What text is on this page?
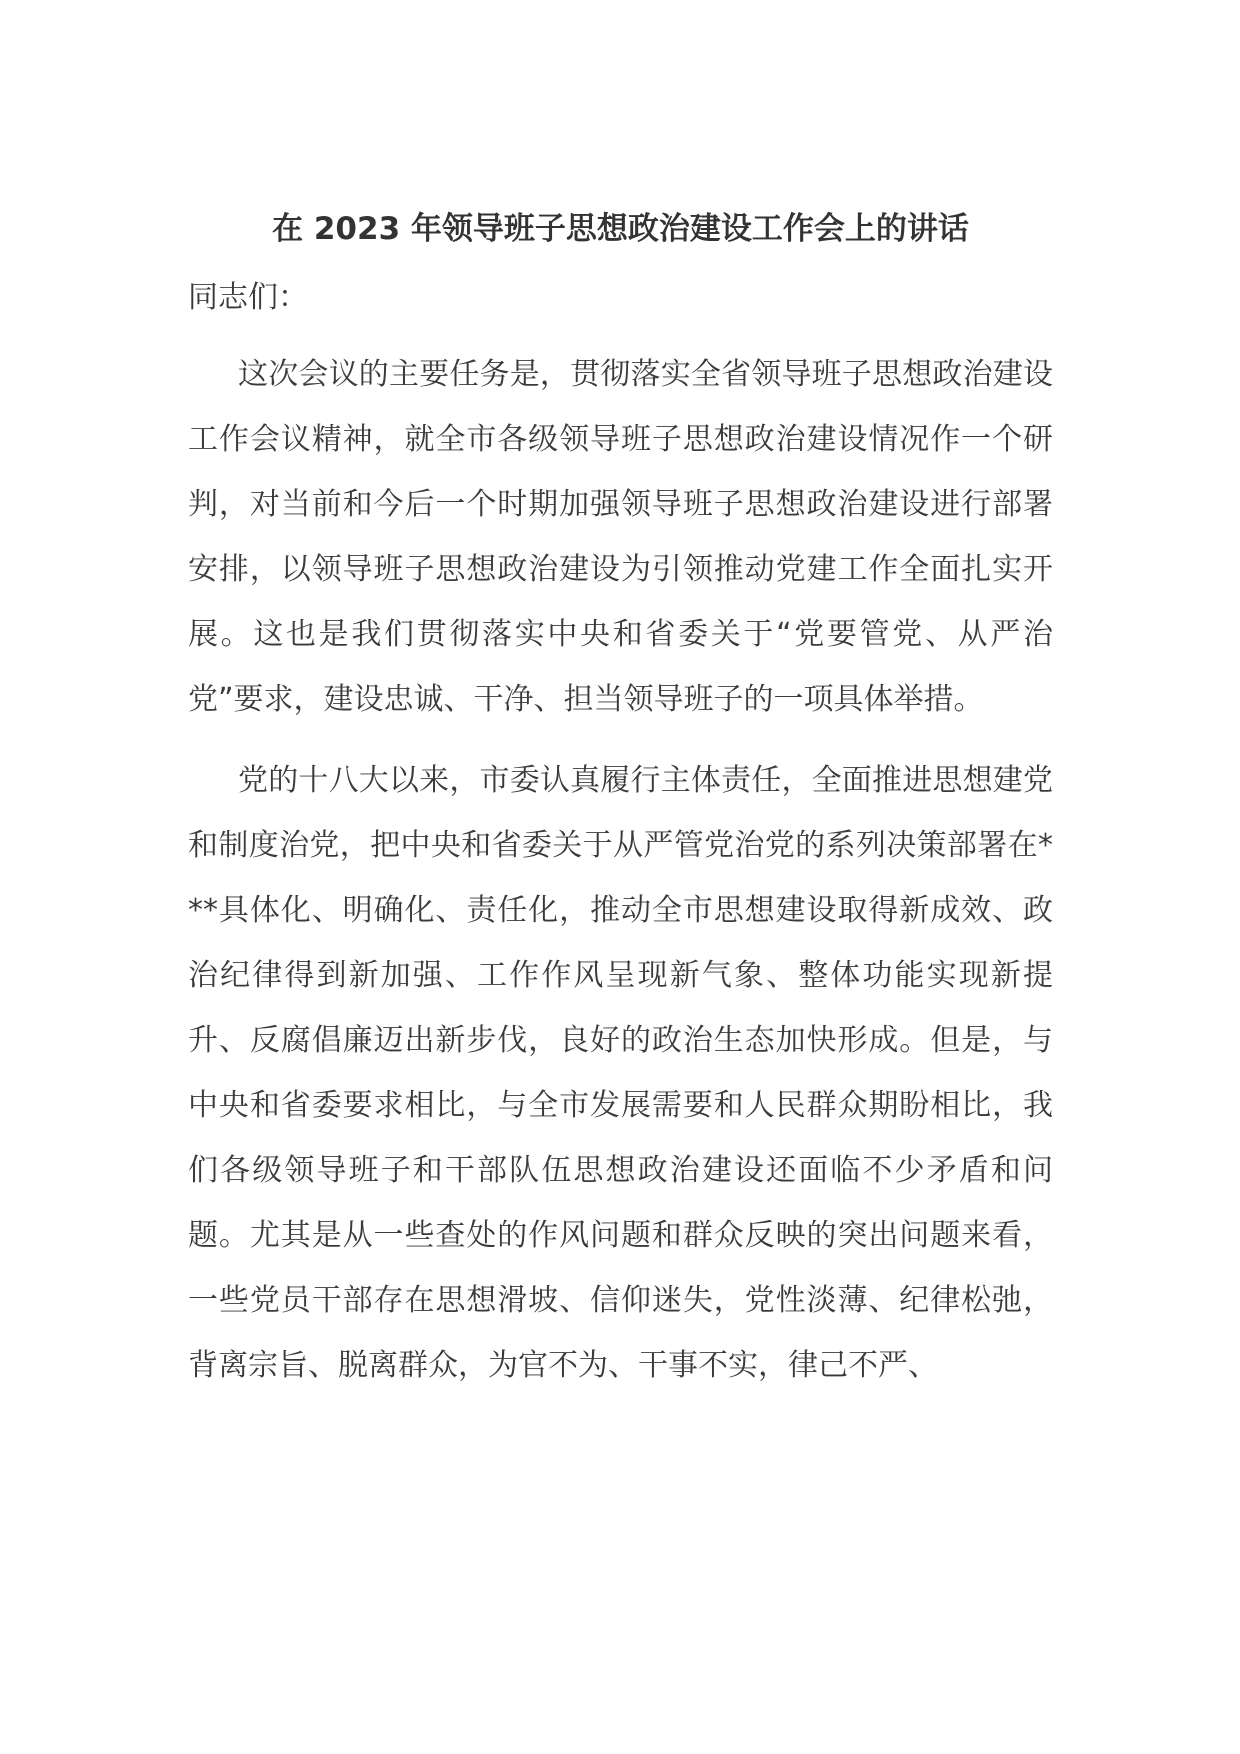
在 2023 年领导班子思想政治建设工作会上的讲话

同志们：

这次会议的主要任务是，贯彻落实全省领导班子思想政治建设工作会议精神，就全市各级领导班子思想政治建设情况作一个研判，对当前和今后一个时期加强领导班子思想政治建设进行部署安排，以领导班子思想政治建设为引领推动党建工作全面扎实开展。这也是我们贯彻落实中央和省委关于“党要管党、从严治党”要求，建设忠诚、干净、担当领导班子的一项具体举措。

党的十八大以来，市委认真履行主体责任，全面推进思想建党和制度治党，把中央和省委关于从严管党治党的系列决策部署在***具体化、明确化、责任化，推动全市思想建设取得新成效、政治纪律得到新加强、工作作风呈现新气象、整体功能实现新提升、反腐倡廉迈出新步伐，良好的政治生态加快形成。但是，与中央和省委要求相比，与全市发展需要和人民群众期盼相比，我们各级领导班子和干部队伍思想政治建设还面临不少矛盾和问题。尤其是从一些查处的作风问题和群众反映的突出问题来看，一些党员干部存在思想滑坡、信仰迷失，党性淡薄、纪律松弛，背离宗旨、脱离群众，为官不为、干事不实，律己不严、
